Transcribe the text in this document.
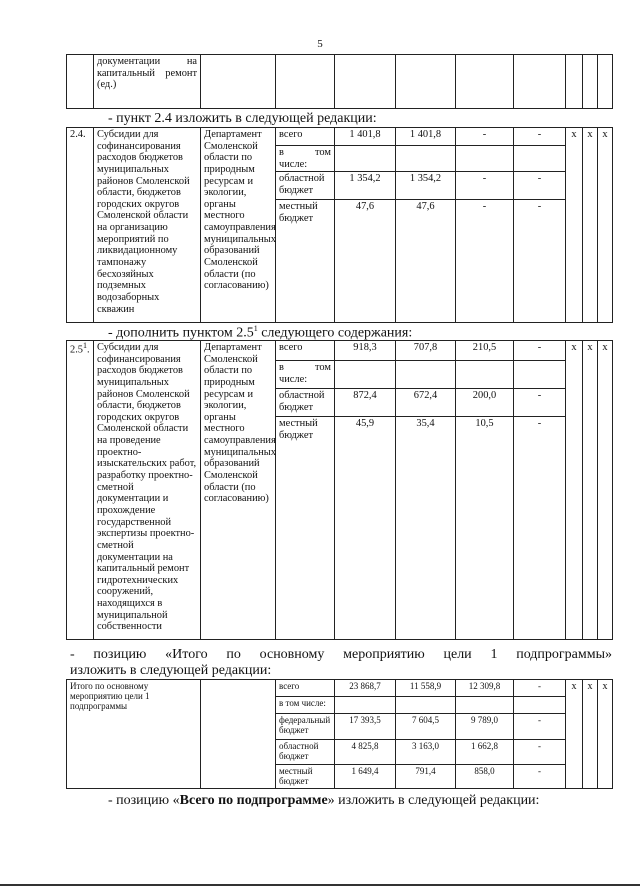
5
	документации на капитальный ремонт (ед.)									
- пункт 2.4 изложить в следующей редакции:
2.4.	Субсидии для софинансирования расходов бюджетов муниципальных районов Смоленской области, бюджетов городских округов Смоленской области на организацию мероприятий по ликвидационному тампонажу бесхозяйных подземных водозаборных скважин	Департамент Смоленской области по природным ресурсам и экологии, органы местного самоуправления муниципальных образований Смоленской области (по согласованию)	всего	1 401,8	1 401,8	-	-	x	x	x
			в том числе:							
			областной бюджет	1 354,2	1 354,2	-	-			
			местный бюджет	47,6	47,6	-	-			
- дополнить пунктом $2.5^1$ следующего содержания:
$2.5^1$.	Субсидии для софинансирования расходов бюджетов муниципальных районов Смоленской области, бюджетов городских округов Смоленской области на проведение проектно-изыскательских работ, разработку проектно-сметной документации и прохождение государственной экспертизы проектно-сметной документации на капитальный ремонт гидротехнических сооружений, находящихся в муниципальной собственности	Департамент Смоленской области по природным ресурсам и экологии, органы местного самоуправления муниципальных образований Смоленской области (по согласованию)	всего	918,3	707,8	210,5	-	x	x	x
			в том числе:							
			областной бюджет	872,4	672,4	200,0	-			
			местный бюджет	45,9	35,4	10,5	-			
- позицию «Итого по основному мероприятию цели 1 подпрограммы»
изложить в следующей редакции:
Итого по основному мероприятию цели 1 подпрограммы		всего	23 868,7	11 558,9	12 309,8	-	x	x	x
		в том числе:							
		федеральный бюджет	17 393,5	7 604,5	9 789,0	-			
		областной бюджет	4 825,8	3 163,0	1 662,8	-			
		местный бюджет	1 649,4	791,4	858,0	-			
- позицию «Всего по подпрограмме» изложить в следующей редакции:
